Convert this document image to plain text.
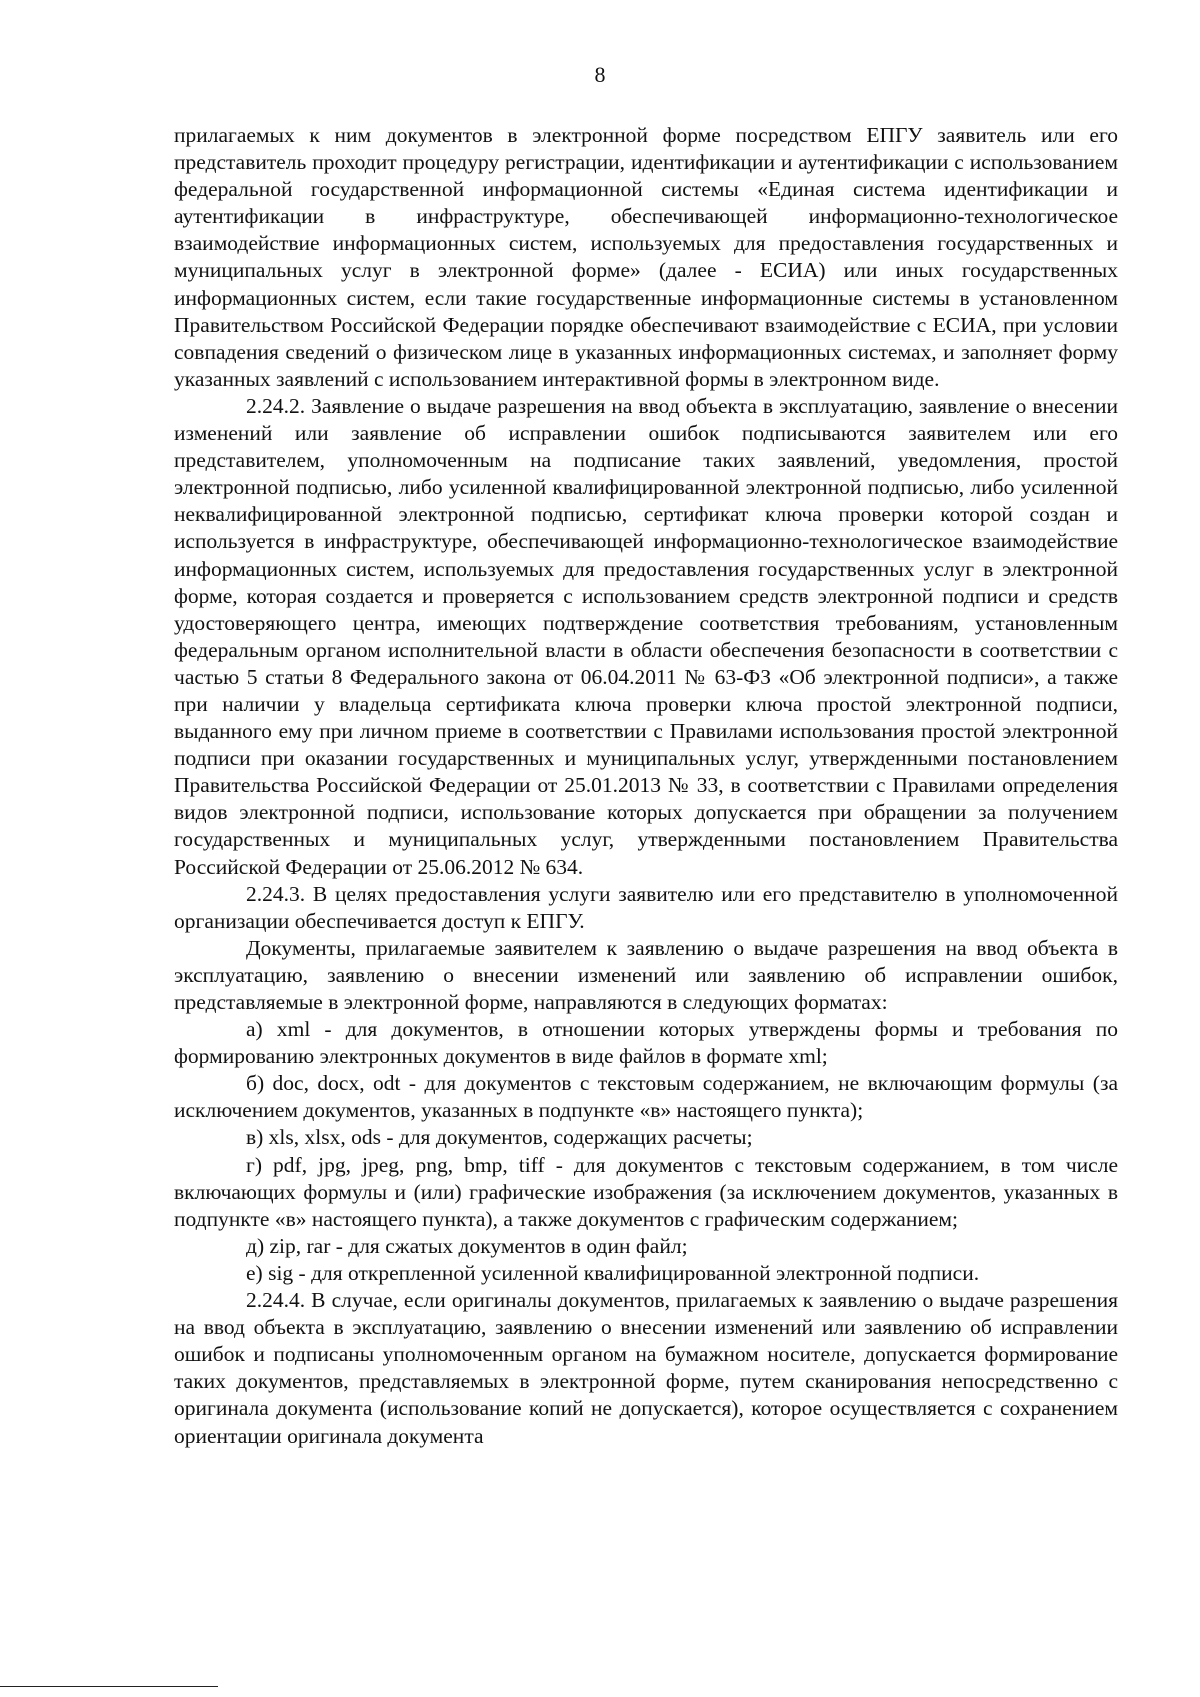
8

прилагаемых к ним документов в электронной форме посредством ЕПГУ заявитель или его представитель проходит процедуру регистрации, идентификации и аутентификации с использованием федеральной государственной информационной системы «Единая система идентификации и аутентификации в инфраструктуре, обеспечивающей информационно-технологическое взаимодействие информационных систем, используемых для предоставления государственных и муниципальных услуг в электронной форме» (далее - ЕСИА) или иных государственных информационных систем, если такие государственные информационные системы в установленном Правительством Российской Федерации порядке обеспечивают взаимодействие с ЕСИА, при условии совпадения сведений о физическом лице в указанных информационных системах, и заполняет форму указанных заявлений с использованием интерактивной формы в электронном виде.

2.24.2. Заявление о выдаче разрешения на ввод объекта в эксплуатацию, заявление о внесении изменений или заявление об исправлении ошибок подписываются заявителем или его представителем, уполномоченным на подписание таких заявлений, уведомления, простой электронной подписью, либо усиленной квалифицированной электронной подписью, либо усиленной неквалифицированной электронной подписью, сертификат ключа проверки которой создан и используется в инфраструктуре, обеспечивающей информационно-технологическое взаимодействие информационных систем, используемых для предоставления государственных услуг в электронной форме, которая создается и проверяется с использованием средств электронной подписи и средств удостоверяющего центра, имеющих подтверждение соответствия требованиям, установленным федеральным органом исполнительной власти в области обеспечения безопасности в соответствии с частью 5 статьи 8 Федерального закона от 06.04.2011 № 63-ФЗ «Об электронной подписи», а также при наличии у владельца сертификата ключа проверки ключа простой электронной подписи, выданного ему при личном приеме в соответствии с Правилами использования простой электронной подписи при оказании государственных и муниципальных услуг, утвержденными постановлением Правительства Российской Федерации от 25.01.2013 № 33, в соответствии с Правилами определения видов электронной подписи, использование которых допускается при обращении за получением государственных и муниципальных услуг, утвержденными постановлением Правительства Российской Федерации от 25.06.2012 № 634.

2.24.3. В целях предоставления услуги заявителю или его представителю в уполномоченной организации обеспечивается доступ к ЕПГУ.

Документы, прилагаемые заявителем к заявлению о выдаче разрешения на ввод объекта в эксплуатацию, заявлению о внесении изменений или заявлению об исправлении ошибок, представляемые в электронной форме, направляются в следующих форматах:

а) xml - для документов, в отношении которых утверждены формы и требования по формированию электронных документов в виде файлов в формате xml;

б) doc, docx, odt - для документов с текстовым содержанием, не включающим формулы (за исключением документов, указанных в подпункте «в» настоящего пункта);

в) xls, xlsx, ods - для документов, содержащих расчеты;

г) pdf, jpg, jpeg, png, bmp, tiff - для документов с текстовым содержанием, в том числе включающих формулы и (или) графические изображения (за исключением документов, указанных в подпункте «в» настоящего пункта), а также документов с графическим содержанием;

д) zip, rar - для сжатых документов в один файл;

е) sig - для открепленной усиленной квалифицированной электронной подписи.

2.24.4. В случае, если оригиналы документов, прилагаемых к заявлению о выдаче разрешения на ввод объекта в эксплуатацию, заявлению о внесении изменений или заявлению об исправлении ошибок и подписаны уполномоченным органом на бумажном носителе, допускается формирование таких документов, представляемых в электронной форме, путем сканирования непосредственно с оригинала документа (использование копий не допускается), которое осуществляется с сохранением ориентации оригинала документа
